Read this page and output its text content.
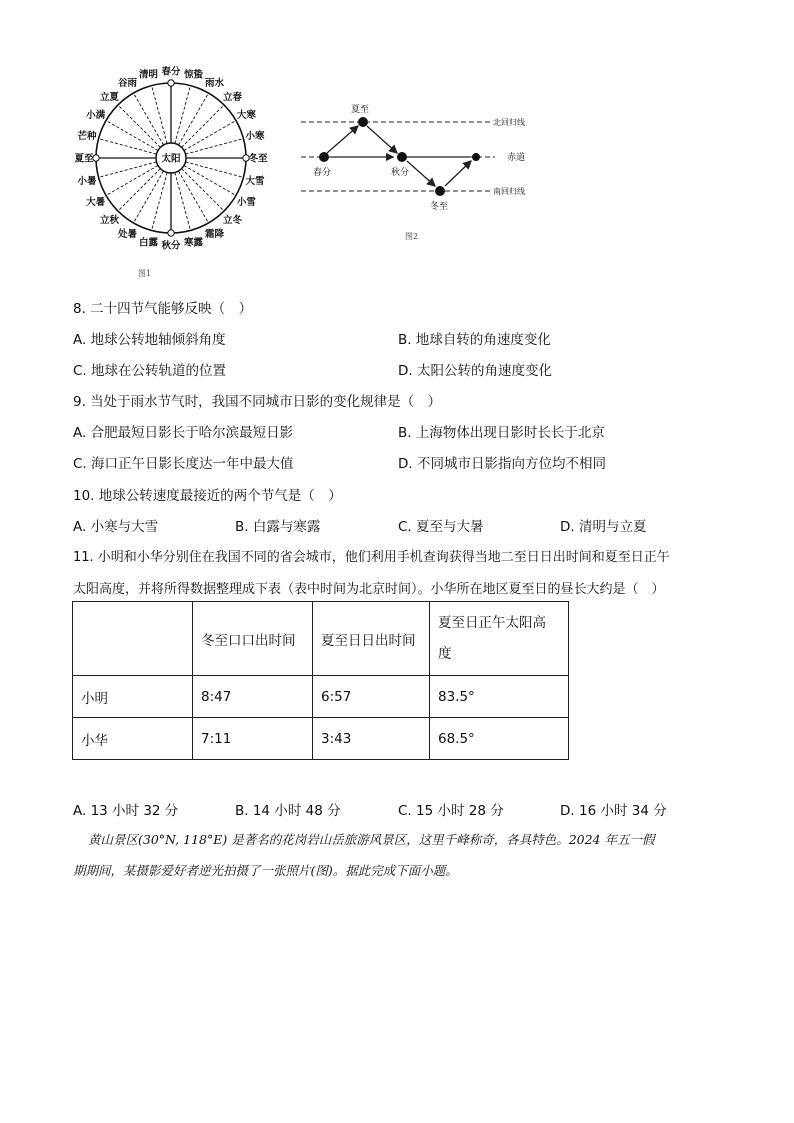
春分 惊蛰
雨水
立春
大寒
小寒
冬至
大雪
小雪
立冬
霜降
寒露
秋分
白露
处暑
立秋
大暑
小暑
夏至
芒种
小满
立夏
谷雨
清明
太阳
图1
夏至
春分	秋分
冬至
北回归线
赤道
南回归线
图2
8. 二十四节气能够反映（　）
A. 地球公转地轴倾斜角度	B. 地球自转的角速度变化
C. 地球在公转轨道的位置	D. 太阳公转的角速度变化
9. 当处于雨水节气时，我国不同城市日影的变化规律是（　）
A. 合肥最短日影长于哈尔滨最短日影	B. 上海物体出现日影时长长于北京
C. 海口正午日影长度达一年中最大值	D. 不同城市日影指向方位均不相同
10. 地球公转速度最接近的两个节气是（　）
A. 小寒与大雪	B. 白露与寒露	C. 夏至与大暑	D. 清明与立夏
11. 小明和小华分别住在我国不同的省会城市，他们利用手机查询获得当地二至日日出时间和夏至日正午
太阳高度，并将所得数据整理成下表（表中时间为北京时间）。小华所在地区夏至日的昼长大约是（　）
	冬至口口出时间	夏至日日出时间	夏至日正午太阳高
度
小明	8:47	6:57	83.5°
小华	7:11	3:43	68.5°
A. 13 小时 32 分	B. 14 小时 48 分	C. 15 小时 28 分	D. 16 小时 34 分
黄山景区(30°N, 118°E) 是著名的花岗岩山岳旅游风景区，这里千峰称奇，各具特色。2024 年五一假
期期间，某摄影爱好者逆光拍摄了一张照片(图)。据此完成下面小题。
